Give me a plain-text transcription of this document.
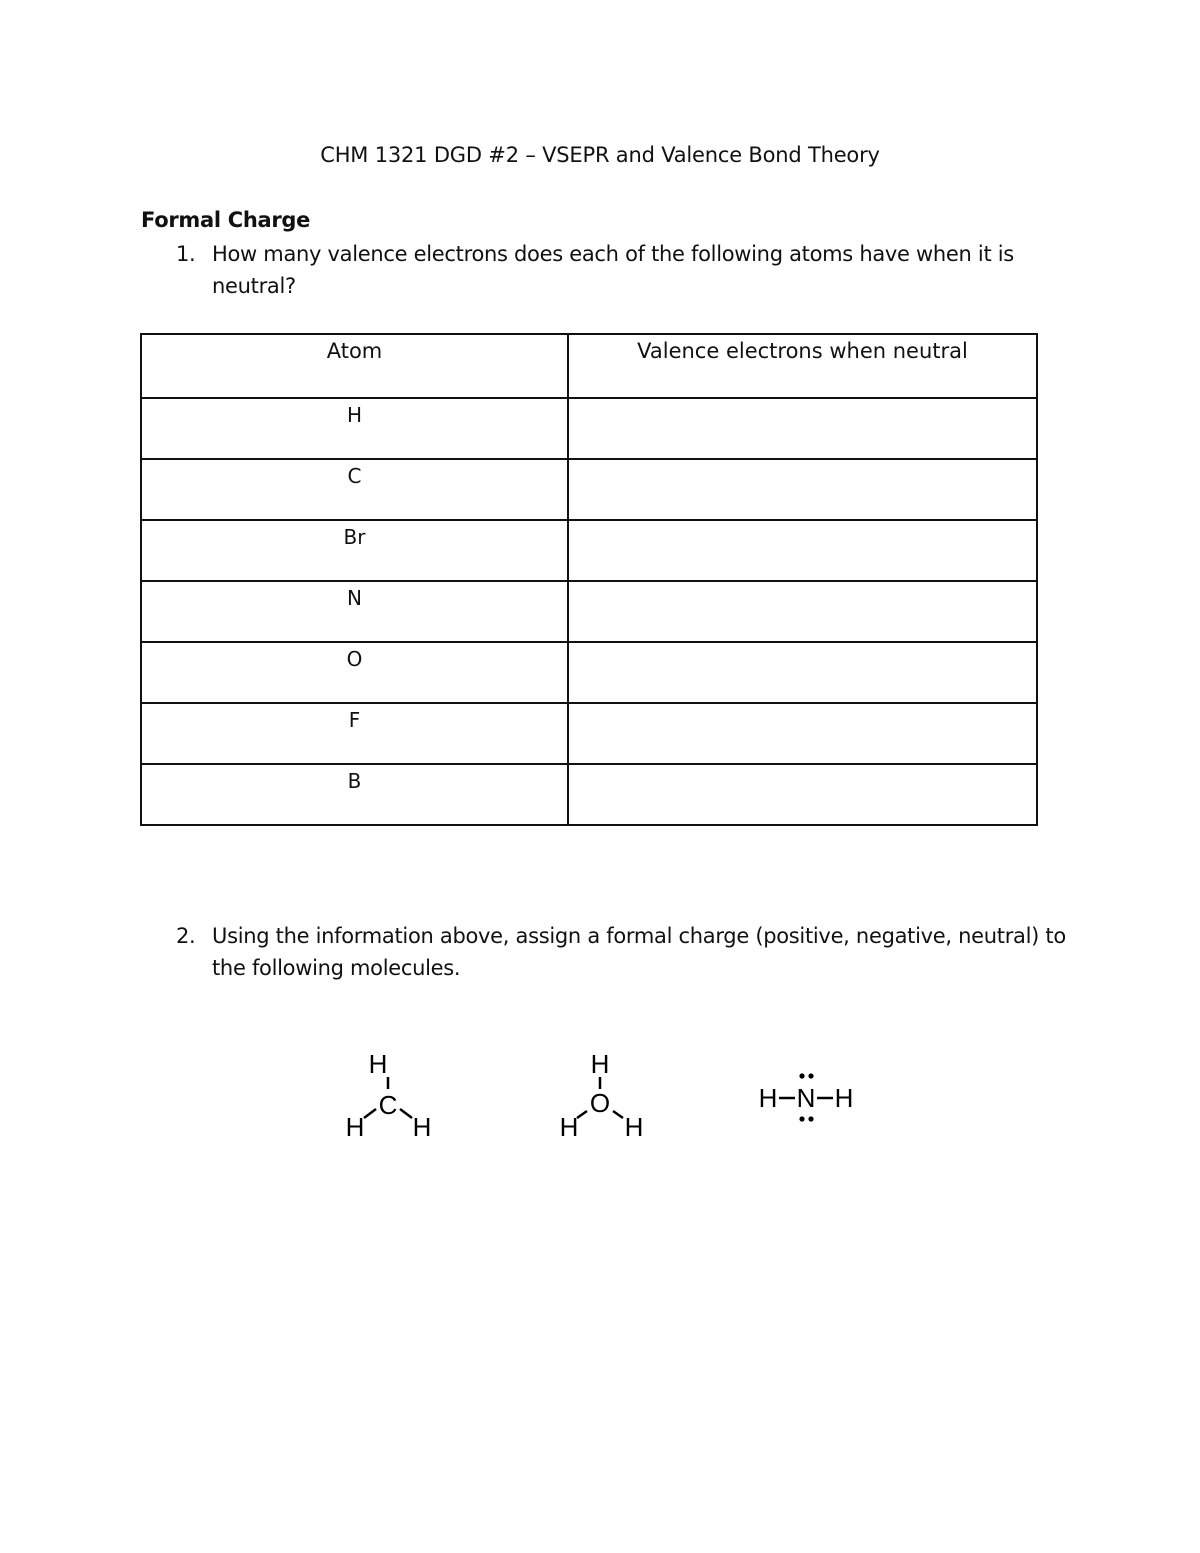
CHM 1321 DGD #2 – VSEPR and Valence Bond Theory
Formal Charge
1. How many valence electrons does each of the following atoms have when it is neutral?
Atom	Valence electrons when neutral
H	
C	
Br	
N	
O	
F	
B	
2. Using the information above, assign a formal charge (positive, negative, neutral) to the following molecules.
H
C
H H
H
O
H H
H N H
